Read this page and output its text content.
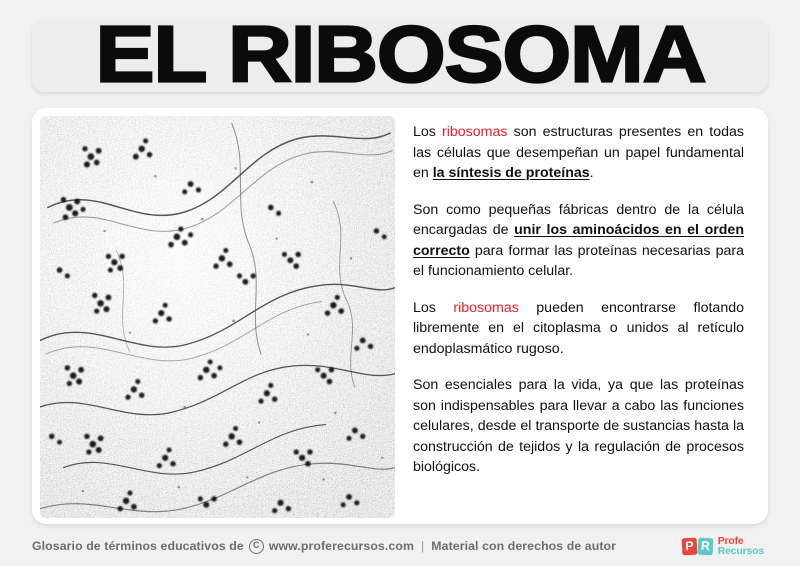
EL RIBOSOMA

Los ribosomas son estructuras presentes en todas las células que desempeñan un papel fundamental en la síntesis de proteínas.

Son como pequeñas fábricas dentro de la célula encargadas de unir los aminoácidos en el orden correcto para formar las proteínas necesarias para el funcionamiento celular.

Los ribosomas pueden encontrarse flotando libremente en el citoplasma o unidos al retículo endoplasmático rugoso.

Son esenciales para la vida, ya que las proteínas son indispensables para llevar a cabo las funciones celulares, desde el transporte de sustancias hasta la construcción de tejidos y la regulación de procesos biológicos.

Glosario de términos educativos de	C www.proferecursos.com | Material con derechos de autor	P R Profe
Recursos
